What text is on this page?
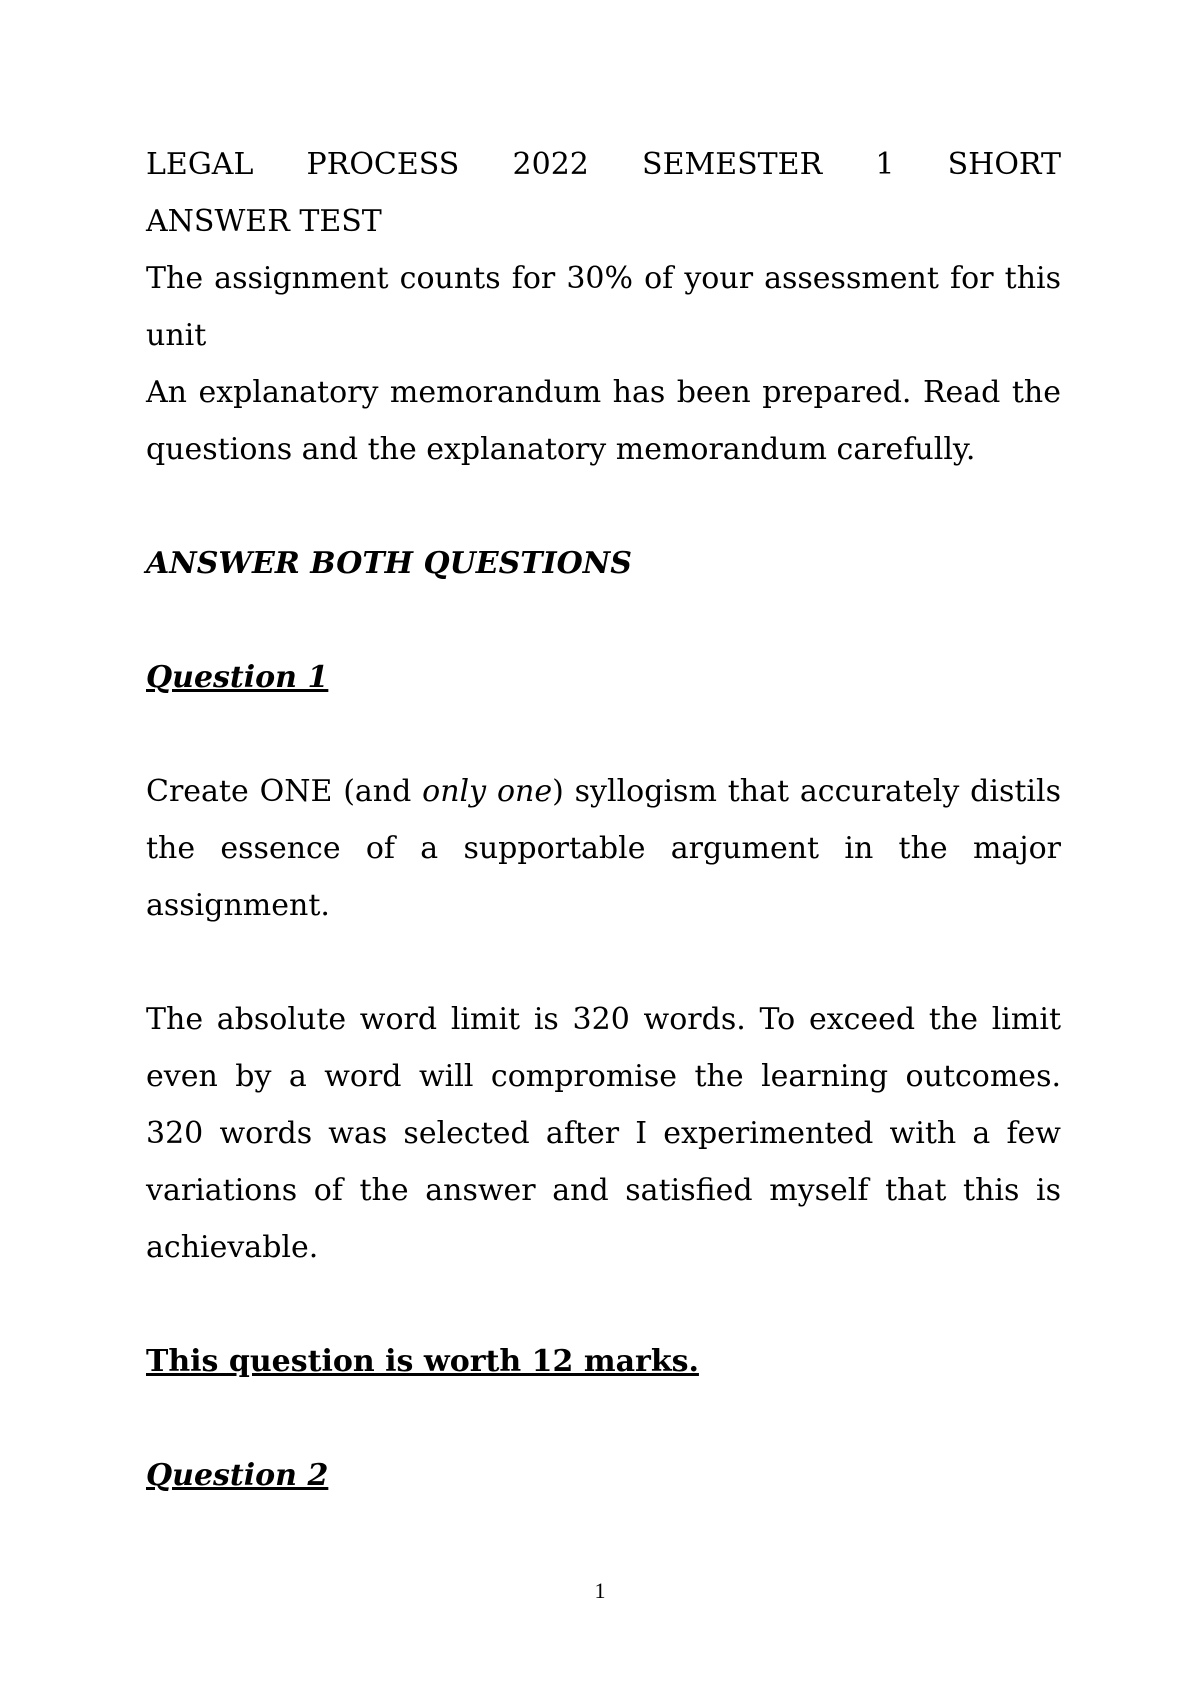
LEGAL PROCESS 2022 SEMESTER 1 SHORT

ANSWER TEST

The assignment counts for 30% of your assessment for this unit

An explanatory memorandum has been prepared. Read the questions and the explanatory memorandum carefully.

ANSWER BOTH QUESTIONS

Question 1

Create ONE (and only one) syllogism that accurately distils the essence of a supportable argument in the major assignment.

The absolute word limit is 320 words. To exceed the limit even by a word will compromise the learning outcomes. 320 words was selected after I experimented with a few variations of the answer and satisfied myself that this is achievable.

This question is worth 12 marks.

Question 2

1
